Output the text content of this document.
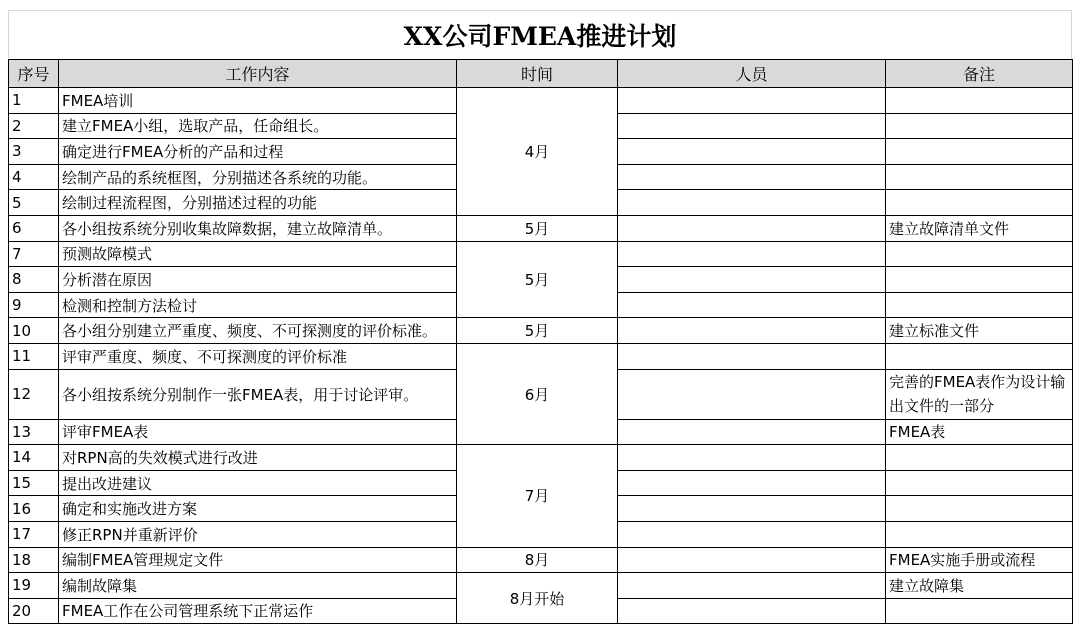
XX公司FMEA推进计划
序号	工作内容	时间	人员	备注
1	FMEA培训	4月		
2	建立FMEA小组，选取产品，任命组长。			
3	确定进行FMEA分析的产品和过程			
4	绘制产品的系统框图，分别描述各系统的功能。			
5	绘制过程流程图，分别描述过程的功能			
6	各小组按系统分别收集故障数据，建立故障清单。	5月		建立故障清单文件
7	预测故障模式	5月		
8	分析潜在原因			
9	检测和控制方法检讨			
10	各小组分别建立严重度、频度、不可探测度的评价标准。	5月		建立标准文件
11	评审严重度、频度、不可探测度的评价标准	6月		
12	各小组按系统分别制作一张FMEA表，用于讨论评审。			完善的FMEA表作为设计输出文件的一部分
13	评审FMEA表			FMEA表
14	对RPN高的失效模式进行改进	7月		
15	提出改进建议			
16	确定和实施改进方案			
17	修正RPN并重新评价			
18	编制FMEA管理规定文件	8月		FMEA实施手册或流程
19	编制故障集	8月开始		建立故障集
20	FMEA工作在公司管理系统下正常运作			
